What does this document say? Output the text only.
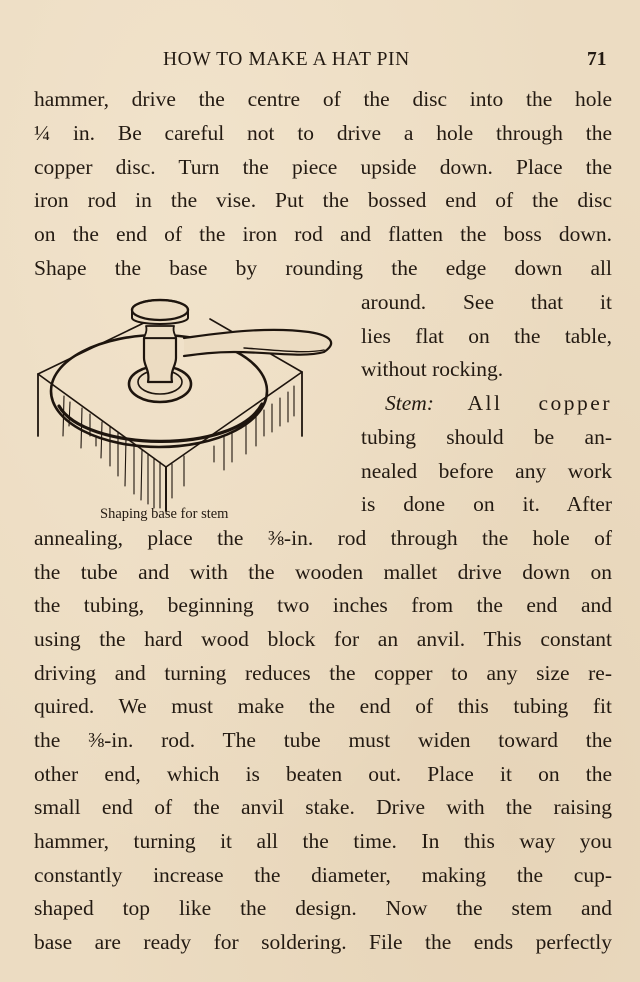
HOW TO MAKE A HAT PIN	71
hammer, drive the centre of the disc into the hole
¼ in. Be careful not to drive a hole through the
copper disc. Turn the piece upside down. Place the
iron rod in the vise. Put the bossed end of the disc
on the end of the iron rod and flatten the boss down.
Shape the base by rounding the edge down all
Shaping base for stem
around. See that it
lies flat on the table,
without rocking.
Stem: All copper
tubing should be an-
nealed before any work
is done on it. After
annealing, place the ⅜-in. rod through the hole of
the tube and with the wooden mallet drive down on
the tubing, beginning two inches from the end and
using the hard wood block for an anvil. This constant
driving and turning reduces the copper to any size re-
quired. We must make the end of this tubing fit
the ⅜-in. rod. The tube must widen toward the
other end, which is beaten out. Place it on the
small end of the anvil stake. Drive with the raising
hammer, turning it all the time. In this way you
constantly increase the diameter, making the cup-
shaped top like the design. Now the stem and
base are ready for soldering. File the ends perfectly
